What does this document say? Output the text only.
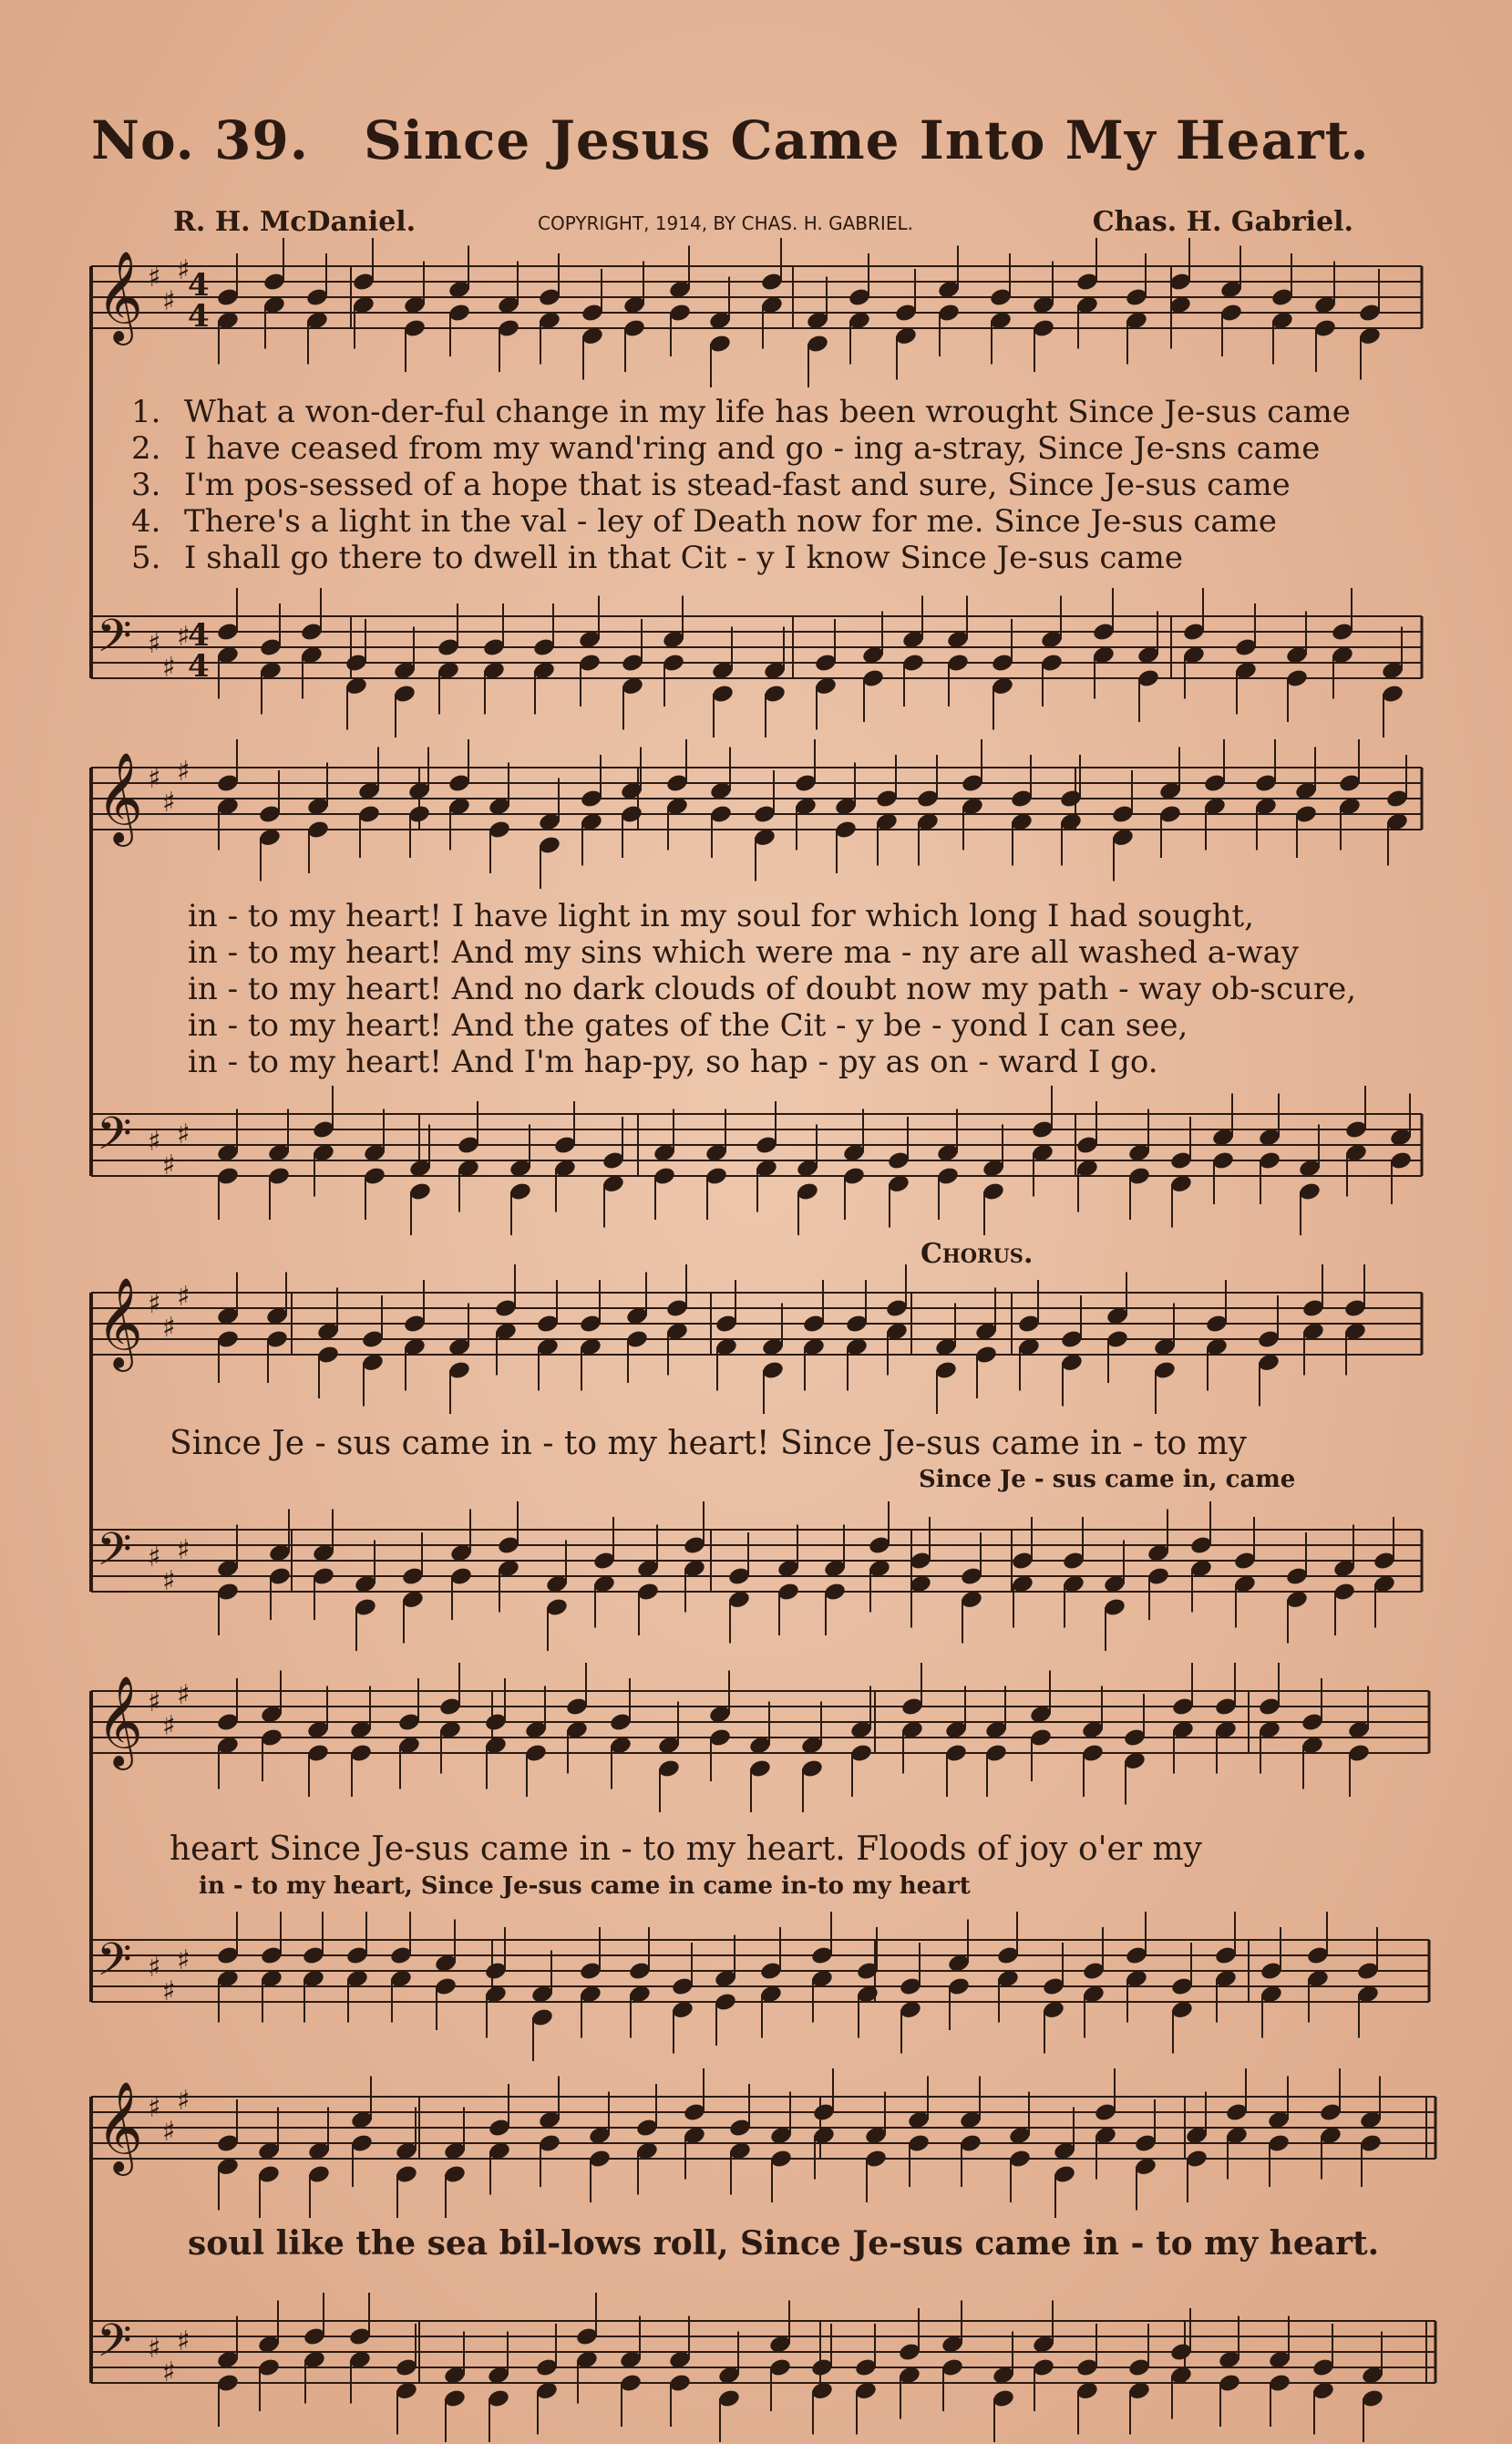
No. 39. Since Jesus Came Into My Heart.
R. H. McDaniel.	COPYRIGHT, 1914, BY CHAS. H. GABRIEL.	Chas. H. Gabriel.
𝄞 ♯
♯
♯
𝄢 ♯
♯
♯
𝄞 ♯
♯
♯
𝄢 ♯
♯
♯
𝄞 ♯
♯
♯
𝄢 ♯
♯
♯
𝄞 ♯
♯
♯
𝄢 ♯
♯
♯
𝄞 ♯
♯
♯
𝄢 ♯
♯
♯
4
4
4
4
1. What a won-der-ful change in my life has been wrought Since Je-sus came
2. I have ceased from my wand'ring and go - ing a-stray, Since Je-sns came
3. I'm pos-sessed of a hope that is stead-fast and sure, Since Je-sus came
4. There's a light in the val - ley of Death now for me. Since Je-sus came
5. I shall go there to dwell in that Cit - y I know Since Je-sus came
in - to my heart! I have light in my soul for which long I had sought,
in - to my heart! And my sins which were ma - ny are all washed a-way
in - to my heart! And no dark clouds of doubt now my path - way ob-scure,
in - to my heart! And the gates of the Cit - y be - yond I can see,
in - to my heart! And I'm hap-py, so hap - py as on - ward I go.
Chorus.
Since Je - sus came in - to my heart! Since Je-sus came in - to my
Since Je - sus came in, came
heart Since Je-sus came in - to my heart. Floods of joy o'er my
in - to my heart, Since Je-sus came in came in-to my heart
soul like the sea bil-lows roll, Since Je-sus came in - to my heart.
